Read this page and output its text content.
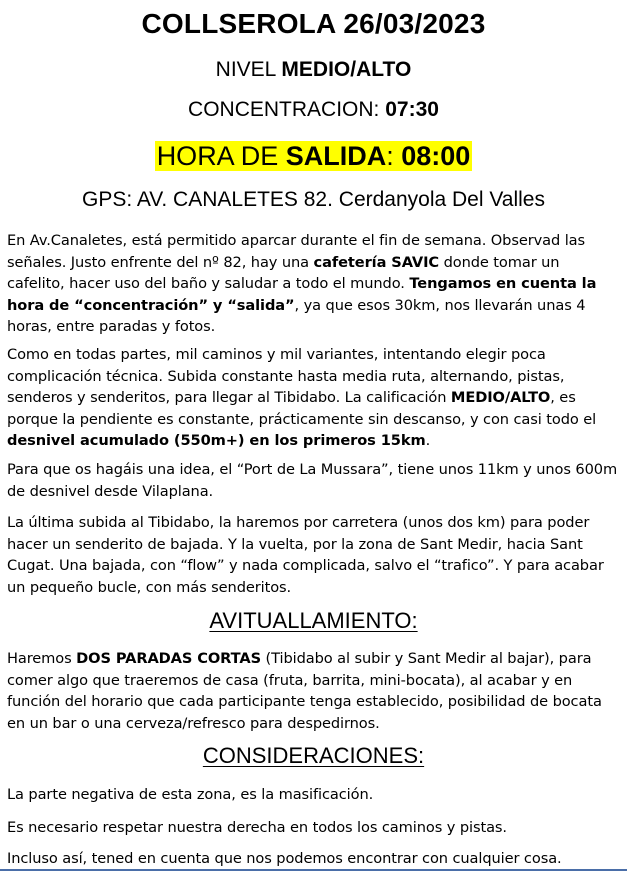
COLLSEROLA 26/03/2023
NIVEL MEDIO/ALTO
CONCENTRACION: 07:30
HORA DE SALIDA: 08:00
GPS: AV. CANALETES 82. Cerdanyola Del Valles

En Av.Canaletes, está permitido aparcar durante el fin de semana. Observad las señales. Justo enfrente del nº 82, hay una cafetería SAVIC donde tomar un cafelito, hacer uso del baño y saludar a todo el mundo. Tengamos en cuenta la hora de “concentración” y “salida”, ya que esos 30km, nos llevarán unas 4 horas, entre paradas y fotos.

Como en todas partes, mil caminos y mil variantes, intentando elegir poca complicación técnica. Subida constante hasta media ruta, alternando, pistas, senderos y senderitos, para llegar al Tibidabo. La calificación MEDIO/ALTO, es porque la pendiente es constante, prácticamente sin descanso, y con casi todo el desnivel acumulado (550m+) en los primeros 15km.

Para que os hagáis una idea, el “Port de La Mussara”, tiene unos 11km y unos 600m de desnivel desde Vilaplana.

La última subida al Tibidabo, la haremos por carretera (unos dos km) para poder hacer un senderito de bajada. Y la vuelta, por la zona de Sant Medir, hacia Sant Cugat. Una bajada, con “flow” y nada complicada, salvo el “trafico”. Y para acabar un pequeño bucle, con más senderitos.

AVITUALLAMIENTO:

Haremos DOS PARADAS CORTAS (Tibidabo al subir y Sant Medir al bajar), para comer algo que traeremos de casa (fruta, barrita, mini-bocata), al acabar y en función del horario que cada participante tenga establecido, posibilidad de bocata en un bar o una cerveza/refresco para despedirnos.

CONSIDERACIONES:

La parte negativa de esta zona, es la masificación.

Es necesario respetar nuestra derecha en todos los caminos y pistas.

Incluso así, tened en cuenta que nos podemos encontrar con cualquier cosa.
